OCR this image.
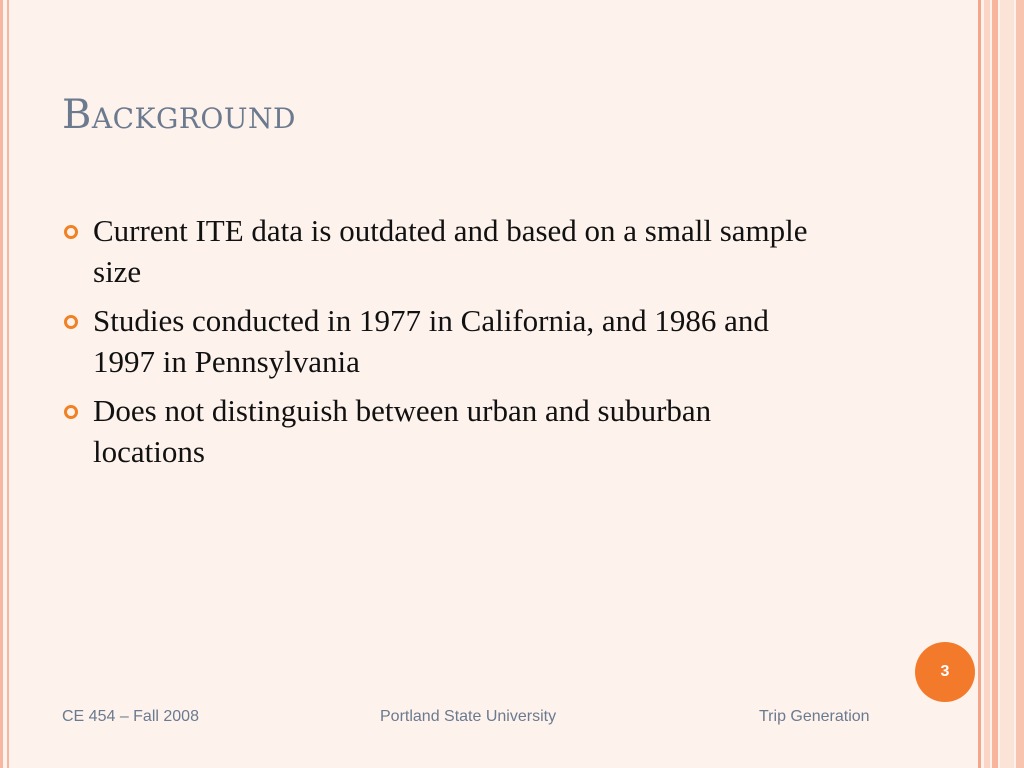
Background
Current ITE data is outdated and based on a small sample size
Studies conducted in 1977 in California, and 1986 and 1997 in Pennsylvania
Does not distinguish between urban and suburban locations
3
CE 454 – Fall 2008	Portland State University	Trip Generation
